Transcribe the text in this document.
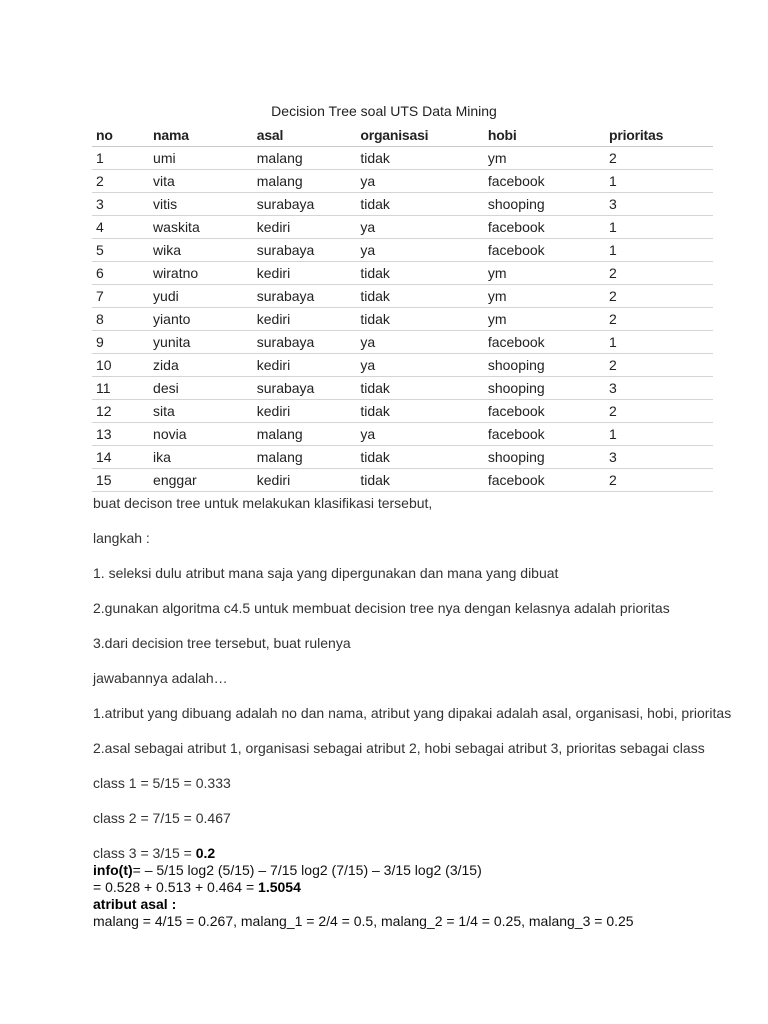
Decision Tree soal UTS Data Mining
no	nama	asal	organisasi	hobi	prioritas
1	umi	malang	tidak	ym	2
2	vita	malang	ya	facebook	1
3	vitis	surabaya	tidak	shooping	3
4	waskita	kediri	ya	facebook	1
5	wika	surabaya	ya	facebook	1
6	wiratno	kediri	tidak	ym	2
7	yudi	surabaya	tidak	ym	2
8	yianto	kediri	tidak	ym	2
9	yunita	surabaya	ya	facebook	1
10	zida	kediri	ya	shooping	2
11	desi	surabaya	tidak	shooping	3
12	sita	kediri	tidak	facebook	2
13	novia	malang	ya	facebook	1
14	ika	malang	tidak	shooping	3
15	enggar	kediri	tidak	facebook	2
buat decison tree untuk melakukan klasifikasi tersebut,
langkah :
1. seleksi dulu atribut mana saja yang dipergunakan dan mana yang dibuat
2.gunakan algoritma c4.5 untuk membuat decision tree nya dengan kelasnya adalah prioritas
3.dari decision tree tersebut, buat rulenya
jawabannya adalah…
1.atribut yang dibuang adalah no dan nama, atribut yang dipakai adalah asal, organisasi, hobi, prioritas
2.asal sebagai atribut 1, organisasi sebagai atribut 2, hobi sebagai atribut 3, prioritas sebagai class
class 1 = 5/15 = 0.333
class 2 = 7/15 = 0.467
class 3 = 3/15 = 0.2
info(t)= – 5/15 log2 (5/15) – 7/15 log2 (7/15) – 3/15 log2 (3/15)
= 0.528 + 0.513 + 0.464 = 1.5054
atribut asal :
malang = 4/15 = 0.267, malang_1 = 2/4 = 0.5, malang_2 = 1/4 = 0.25, malang_3 = 0.25
